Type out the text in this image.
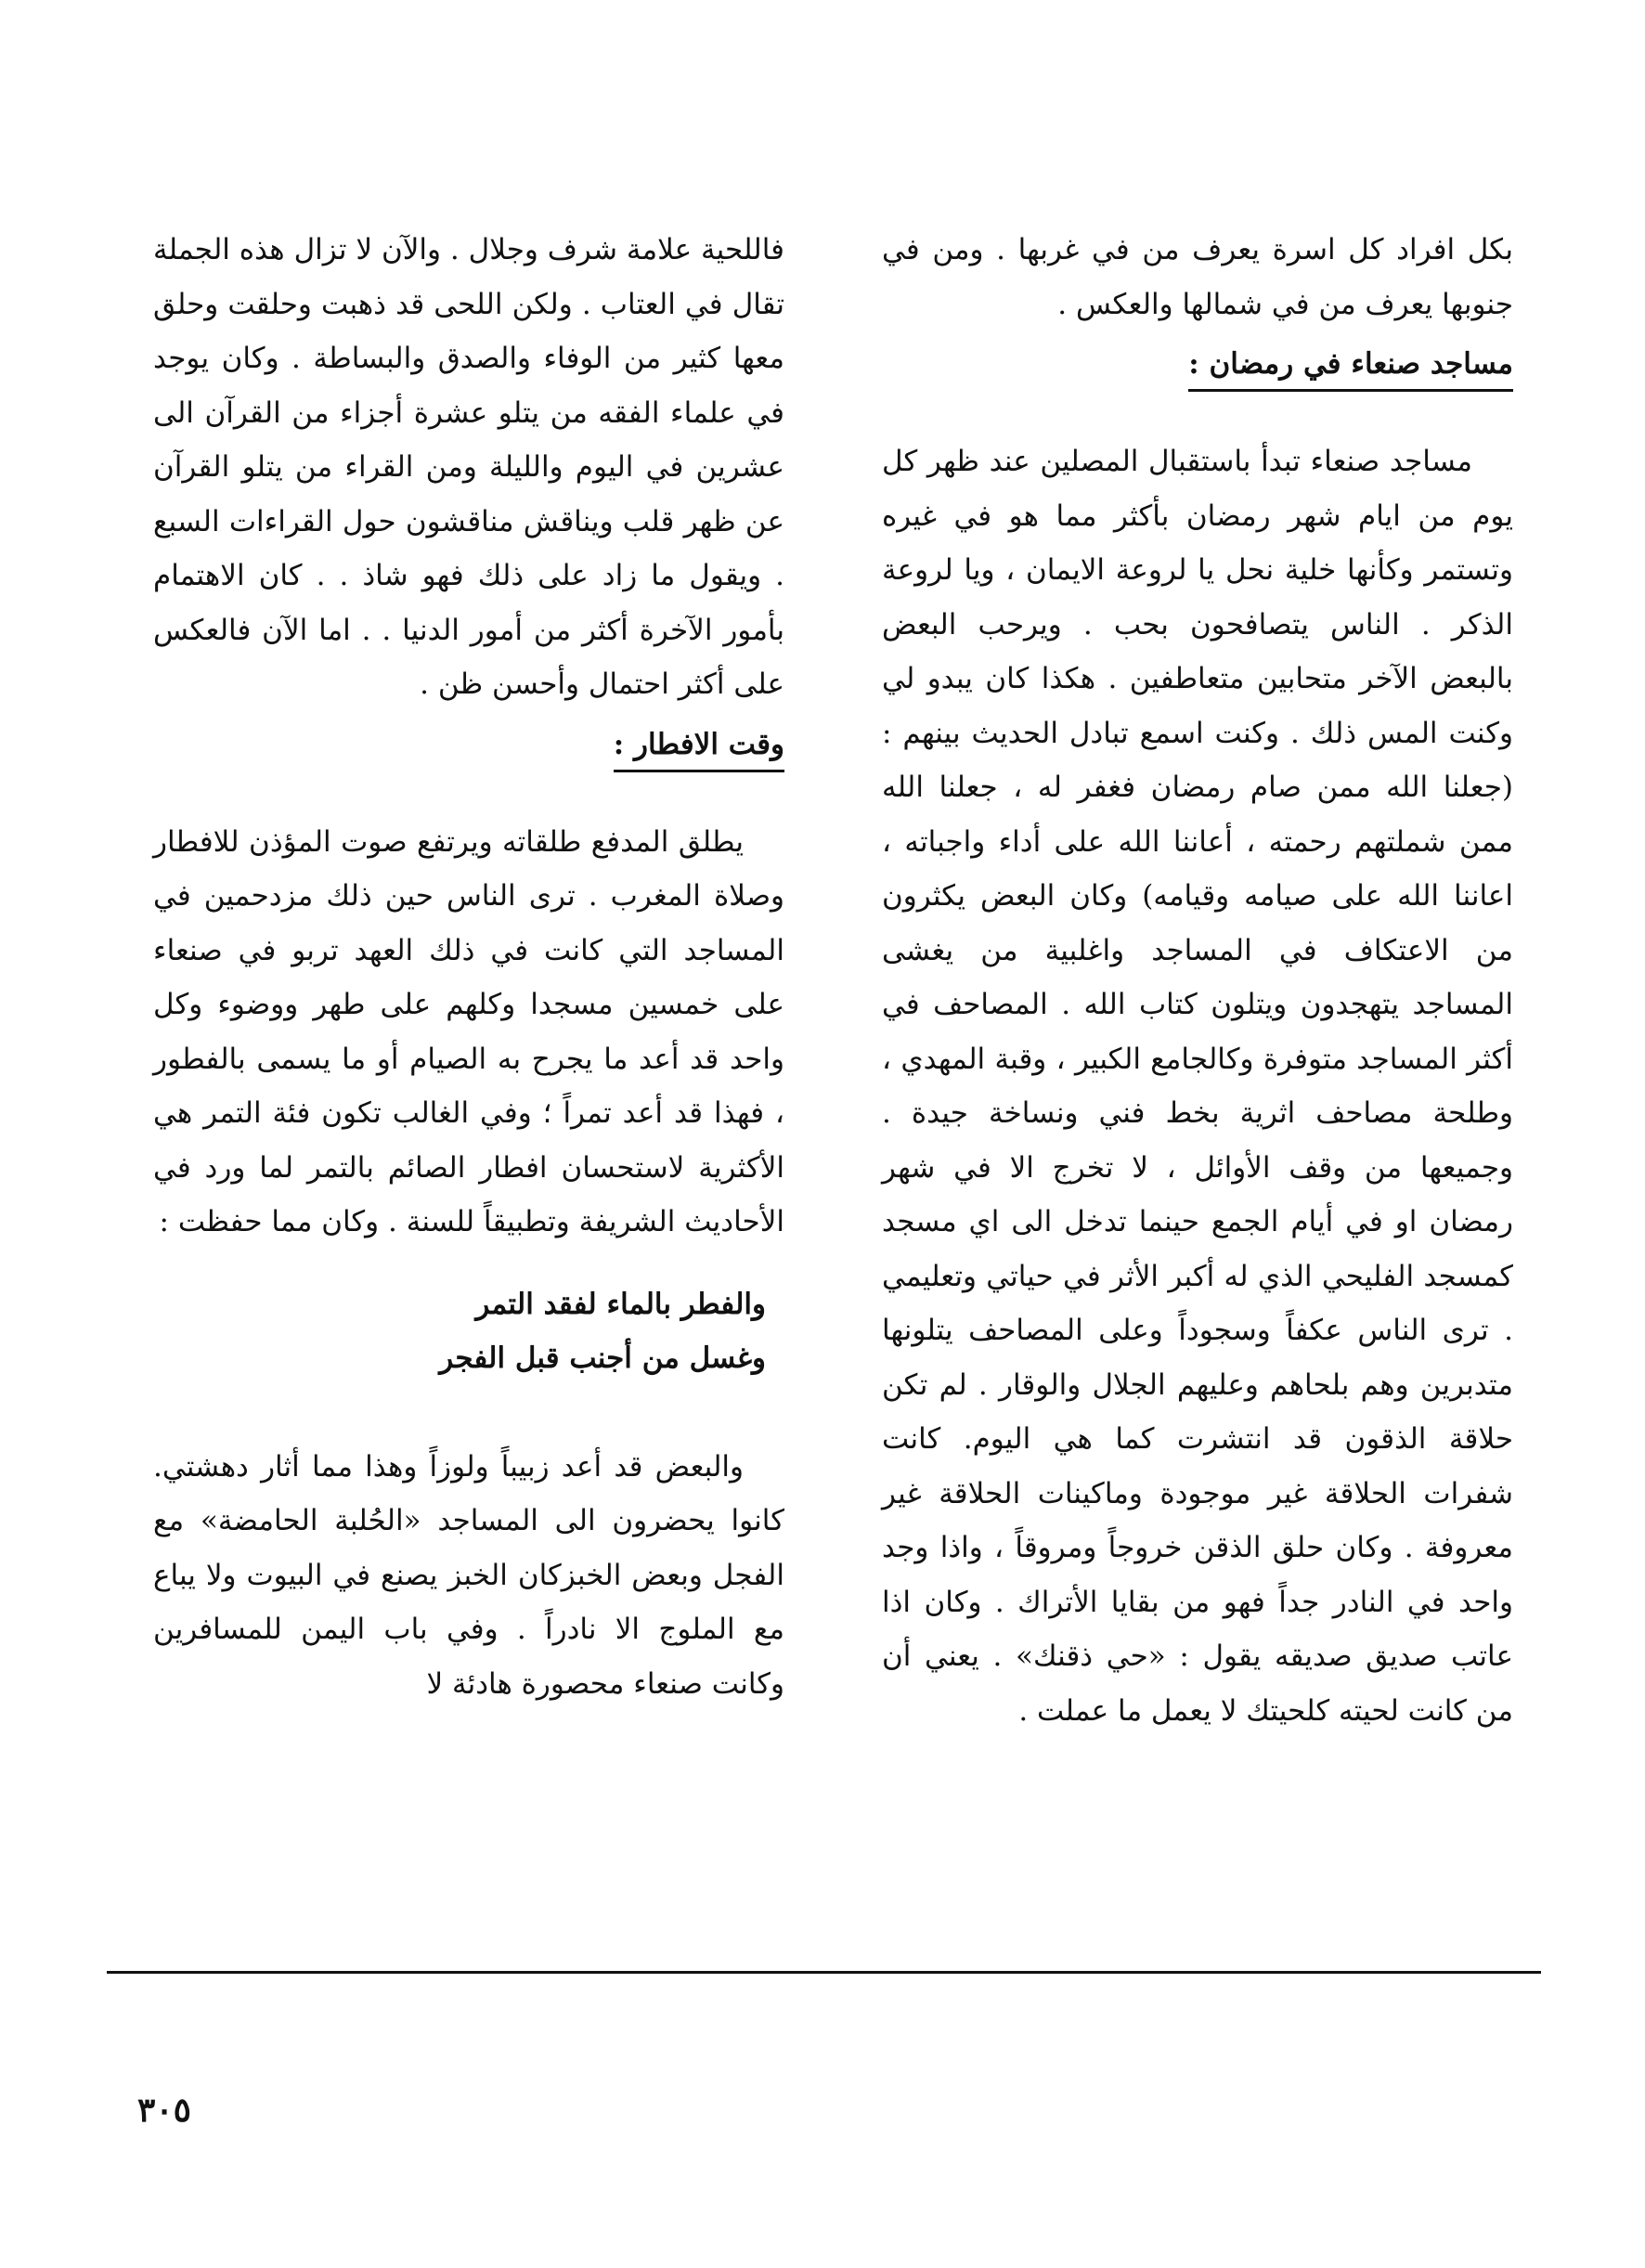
بكل افراد كل اسرة يعرف من في غربها . ومن في جنوبها يعرف من في شمالها والعكس .

مساجد صنعاء في رمضان :

مساجد صنعاء تبدأ باستقبال المصلين عند ظهر كل يوم من ايام شهر رمضان بأكثر مما هو في غيره وتستمر وكأنها خلية نحل يا لروعة الايمان ، ويا لروعة الذكر . الناس يتصافحون بحب . ويرحب البعض بالبعض الآخر متحابين متعاطفين . هكذا كان يبدو لي وكنت المس ذلك . وكنت اسمع تبادل الحديث بينهم : (جعلنا الله ممن صام رمضان فغفر له ، جعلنا الله ممن شملتهم رحمته ، أعاننا الله على أداء واجباته ، اعاننا الله على صيامه وقيامه) وكان البعض يكثرون من الاعتكاف في المساجد واغلبية من يغشى المساجد يتهجدون ويتلون كتاب الله . المصاحف في أكثر المساجد متوفرة وكالجامع الكبير ، وقبة المهدي ، وطلحة مصاحف اثرية بخط فني ونساخة جيدة . وجميعها من وقف الأوائل ، لا تخرج الا في شهر رمضان او في أيام الجمع حينما تدخل الى اي مسجد كمسجد الفليحي الذي له أكبر الأثر في حياتي وتعليمي . ترى الناس عكفاً وسجوداً وعلى المصاحف يتلونها متدبرين وهم بلحاهم وعليهم الجلال والوقار . لم تكن حلاقة الذقون قد انتشرت كما هي اليوم. كانت شفرات الحلاقة غير موجودة وماكينات الحلاقة غير معروفة . وكان حلق الذقن خروجاً ومروقاً ، واذا وجد واحد في النادر جداً فهو من بقايا الأتراك . وكان اذا عاتب صديق صديقه يقول : «حي ذقنك» . يعني أن من كانت لحيته كلحيتك لا يعمل ما عملت .

فاللحية علامة شرف وجلال . والآن لا تزال هذه الجملة تقال في العتاب . ولكن اللحى قد ذهبت وحلقت وحلق معها كثير من الوفاء والصدق والبساطة . وكان يوجد في علماء الفقه من يتلو عشرة أجزاء من القرآن الى عشرين في اليوم والليلة ومن القراء من يتلو القرآن عن ظهر قلب ويناقش مناقشون حول القراءات السبع . ويقول ما زاد على ذلك فهو شاذ . . كان الاهتمام بأمور الآخرة أكثر من أمور الدنيا . . اما الآن فالعكس على أكثر احتمال وأحسن ظن .

وقت الافطار :

يطلق المدفع طلقاته ويرتفع صوت المؤذن للافطار وصلاة المغرب . ترى الناس حين ذلك مزدحمين في المساجد التي كانت في ذلك العهد تربو في صنعاء على خمسين مسجدا وكلهم على طهر ووضوء وكل واحد قد أعد ما يجرح به الصيام أو ما يسمى بالفطور ، فهذا قد أعد تمراً ؛ وفي الغالب تكون فئة التمر هي الأكثرية لاستحسان افطار الصائم بالتمر لما ورد في الأحاديث الشريفة وتطبيقاً للسنة . وكان مما حفظت :

والفطر بالماء لفقد التمر

وغسل من أجنب قبل الفجر

والبعض قد أعد زبيباً ولوزاً وهذا مما أثار دهشتي. كانوا يحضرون الى المساجد «الحُلبة الحامضة» مع الفجل وبعض الخبزكان الخبز يصنع في البيوت ولا يباع مع الملوج الا نادراً . وفي باب اليمن للمسافرين وكانت صنعاء محصورة هادئة لا

٣٠٥
